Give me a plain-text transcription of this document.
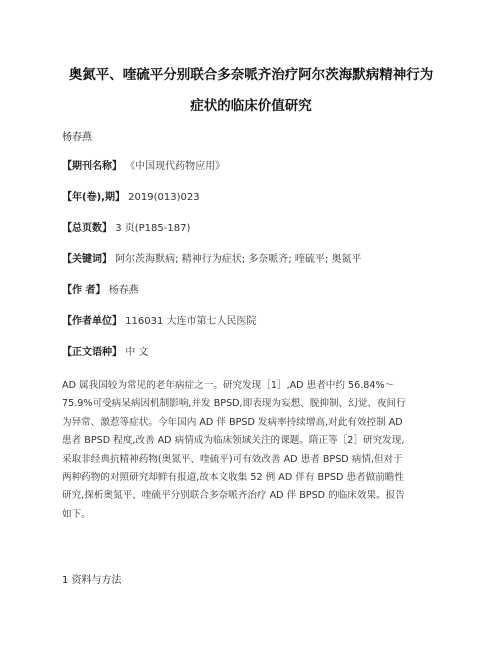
奥氮平、喹硫平分别联合多奈哌齐治疗阿尔茨海默病精神行为
症状的临床价值研究
杨春燕
【期刊名称】 《中国现代药物应用》
【年(卷),期】 2019(013)023
【总页数】 3 页(P185-187)
【关键词】 阿尔茨海默病; 精神行为症状; 多奈哌齐; 喹硫平; 奥氮平
【作 者】 杨春燕
【作者单位】 116031 大连市第七人民医院
【正文语种】 中 文
AD 属我国较为常见的老年病症之一。研究发现［1］,AD 患者中约 56.84%～
75.9%可受病呆病因机制影响,并发 BPSD,即表现为妄想、脱抑制、幻觉、夜间行
为异常、激惹等症状。今年国内 AD 伴 BPSD 发病率持续增高,对此有效控制 AD
患者 BPSD 程度,改善 AD 病情成为临床领域关注的课题。隋正等［2］研究发现,
采取非经典抗精神药物(奥氮平、喹硫平)可有效改善 AD 患者 BPSD 病情,但对于
两种药物的对照研究却鲜有报道,故本文收集 52 例 AD 伴有 BPSD 患者做前瞻性
研究,探析奥氮平、喹硫平分别联合多奈哌齐治疗 AD 伴 BPSD 的临床效果。报告
如下。
1 资料与方法
